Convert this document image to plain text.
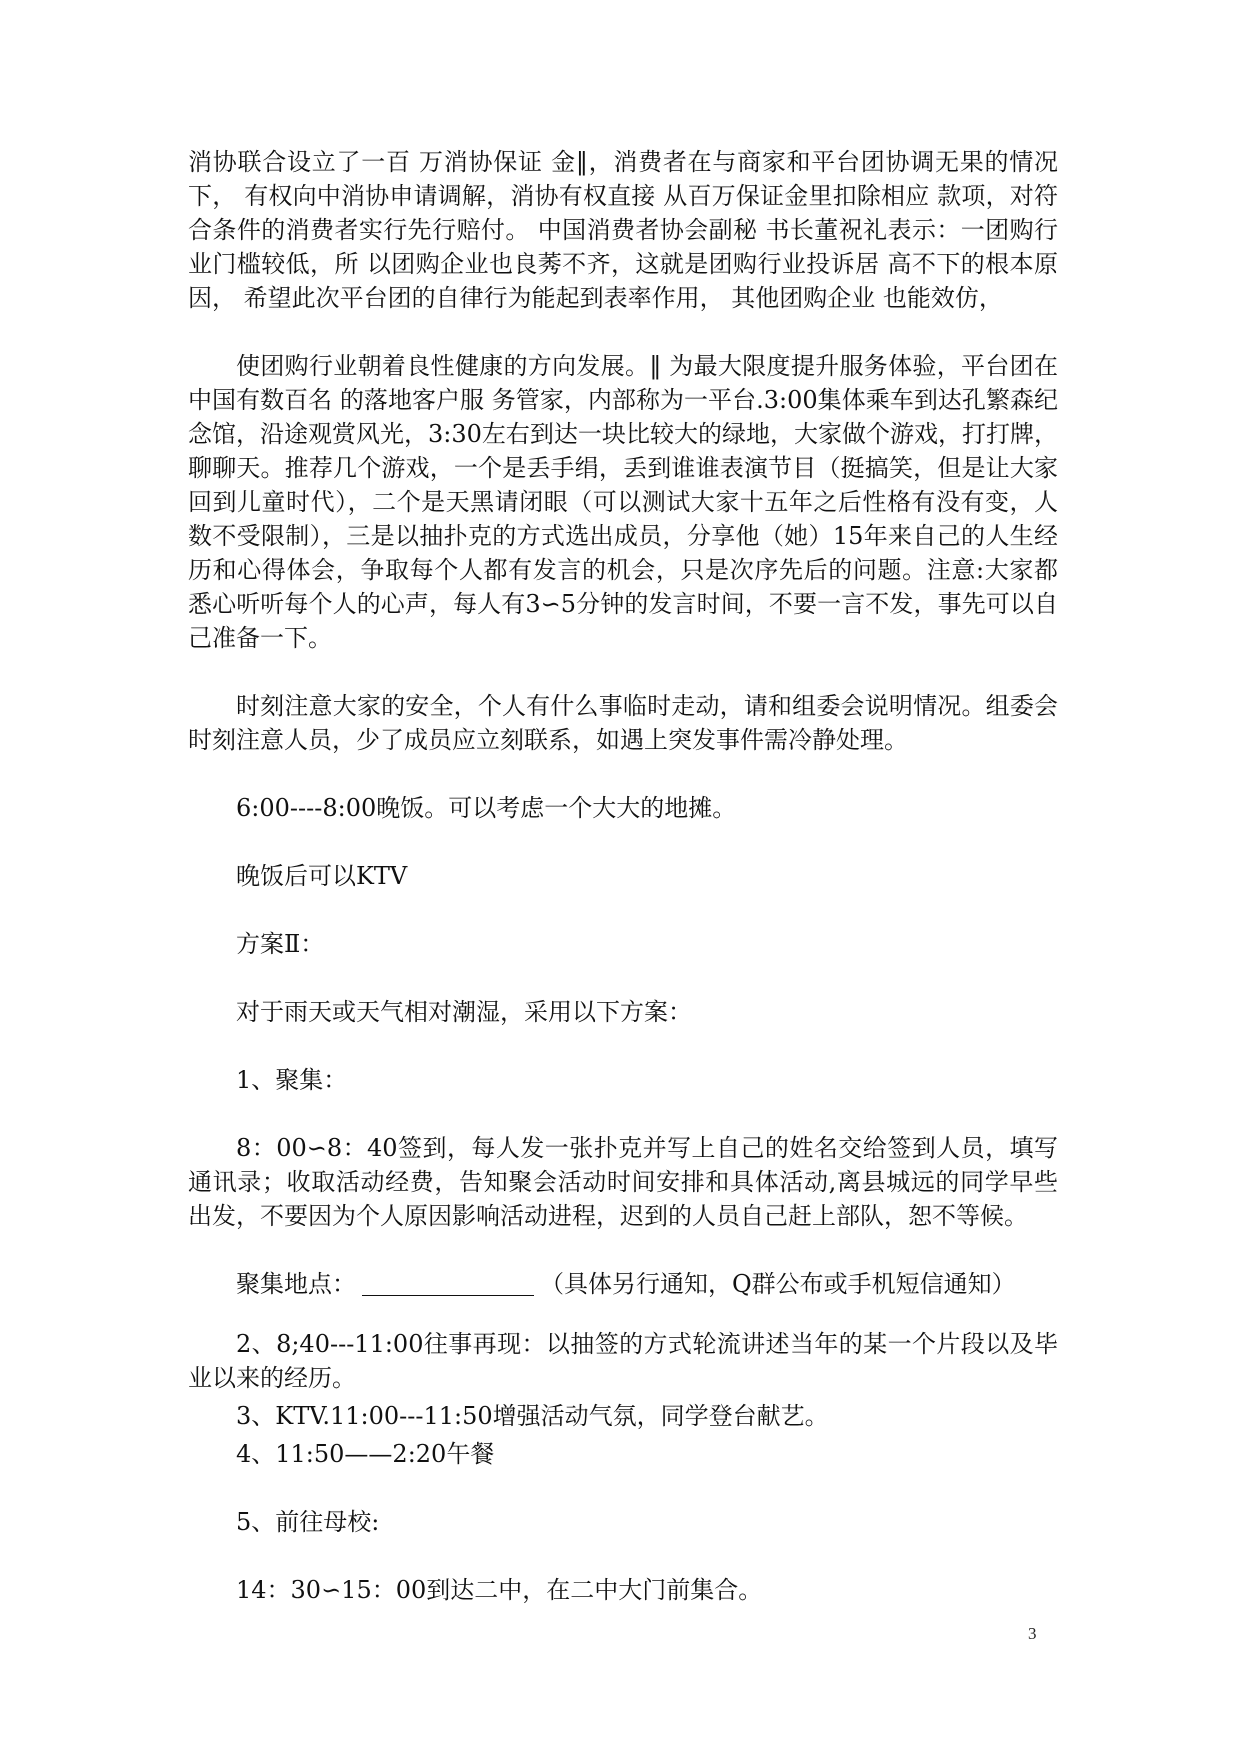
消协联合设立了一百 万消协保证 金‖，消费者在与商家和平台团协调无果的情况下， 有权向中消协申请调解，消协有权直接 从百万保证金里扣除相应 款项，对符合条件的消费者实行先行赔付。 中国消费者协会副秘 书长董祝礼表示：一团购行业门槛较低，所 以团购企业也良莠不齐，这就是团购行业投诉居 高不下的根本原 因， 希望此次平台团的自律行为能起到表率作用， 其他团购企业 也能效仿，

使团购行业朝着良性健康的方向发展。‖ 为最大限度提升服务体验，平台团在中国有数百名 的落地客户服 务管家，内部称为一平台.3:00集体乘车到达孔繁森纪念馆，沿途观赏风光，3:30左右到达一块比较大的绿地，大家做个游戏，打打牌，聊聊天。推荐几个游戏，一个是丢手绢，丢到谁谁表演节目（挺搞笑，但是让大家回到儿童时代），二个是天黑请闭眼（可以测试大家十五年之后性格有没有变，人数不受限制），三是以抽扑克的方式选出成员，分享他（她）15年来自己的人生经历和心得体会，争取每个人都有发言的机会，只是次序先后的问题。注意:大家都悉心听听每个人的心声，每人有3∽5分钟的发言时间，不要一言不发，事先可以自己准备一下。

时刻注意大家的安全，个人有什么事临时走动，请和组委会说明情况。组委会时刻注意人员，少了成员应立刻联系，如遇上突发事件需冷静处理。

6:00----8:00晚饭。可以考虑一个大大的地摊。

晚饭后可以KTV

方案Ⅱ：

对于雨天或天气相对潮湿，采用以下方案：

1、聚集：

8：00∽8：40签到，每人发一张扑克并写上自己的姓名交给签到人员，填写通讯录；收取活动经费，告知聚会活动时间安排和具体活动,离县城远的同学早些出发，不要因为个人原因影响活动进程，迟到的人员自己赶上部队，恕不等候。

聚集地点：	（具体另行通知，Q群公布或手机短信通知）

2、8;40---11:00往事再现：以抽签的方式轮流讲述当年的某一个片段以及毕业以来的经历。

3、KTV.11:00---11:50增强活动气氛，同学登台献艺。

4、11:50——2:20午餐

5、前往母校:

14：30∽15：00到达二中，在二中大门前集合。

3
